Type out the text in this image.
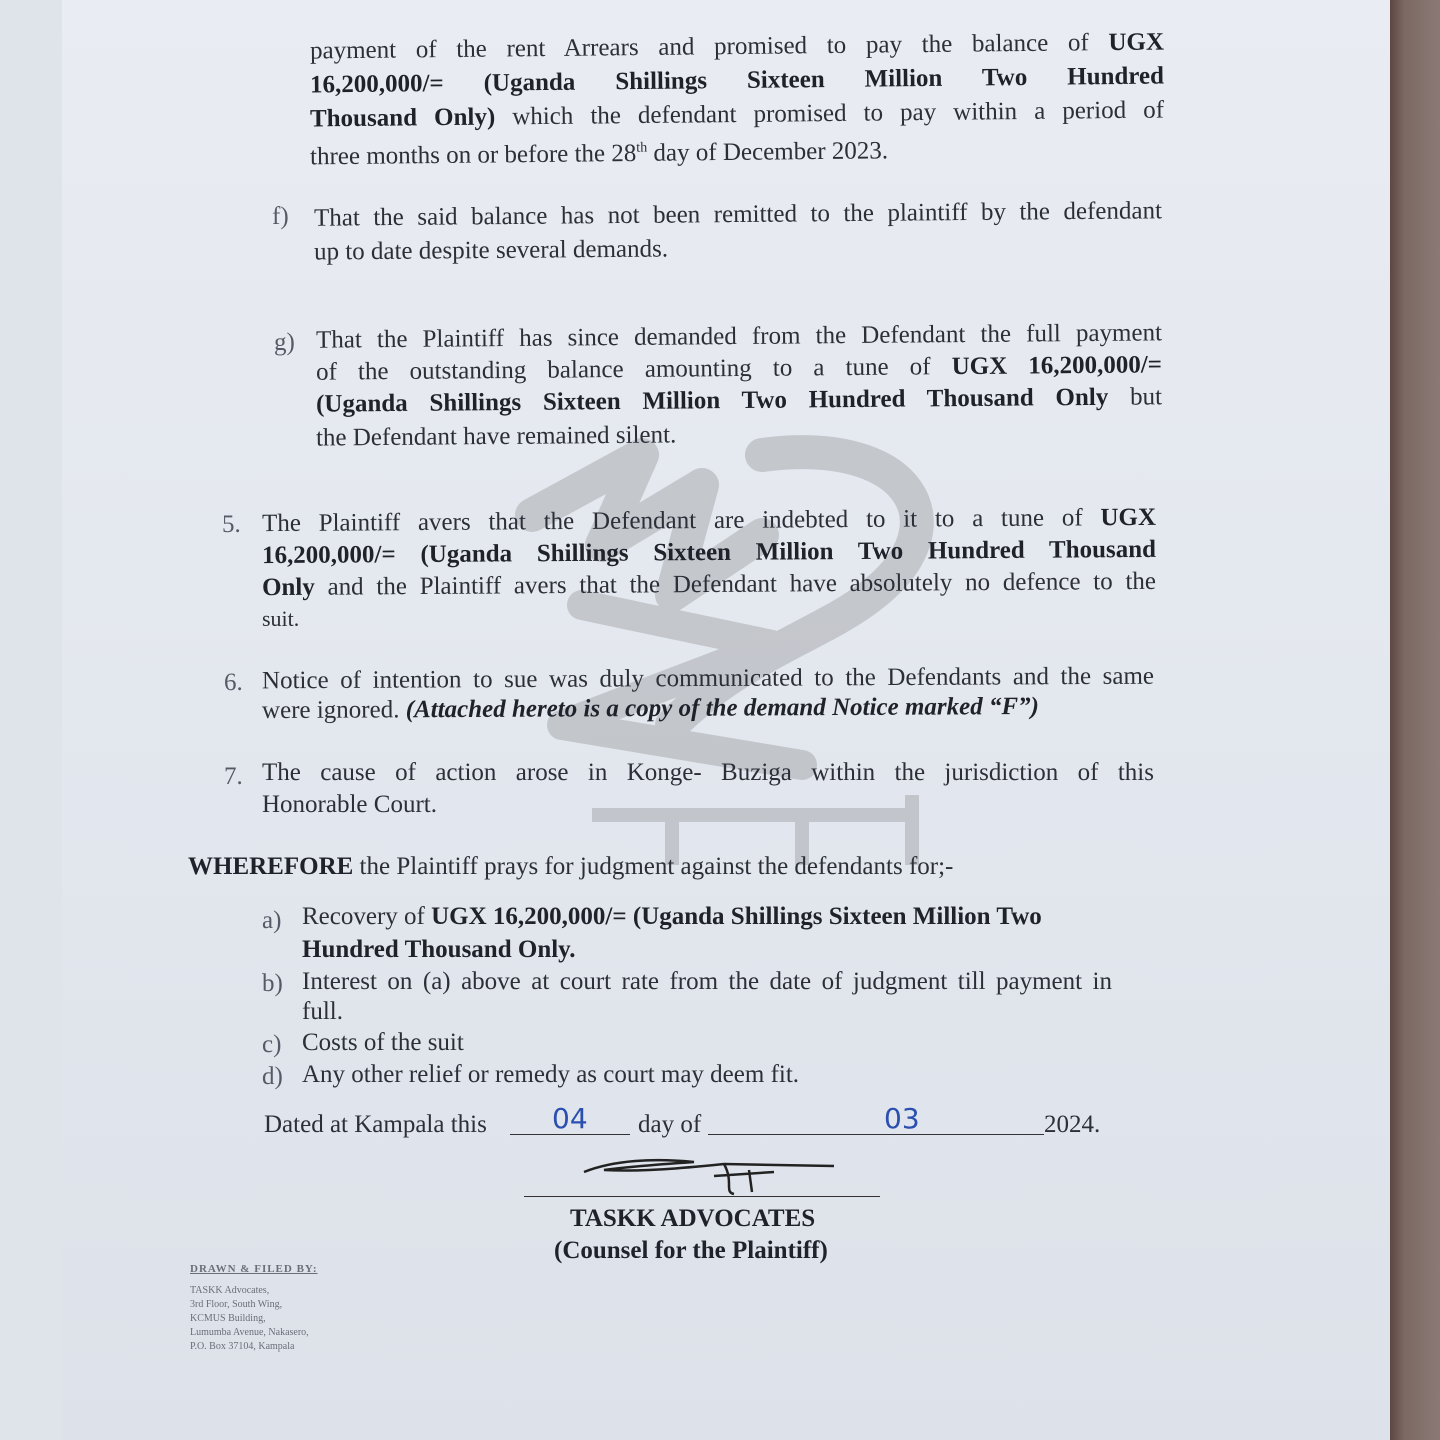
payment of the rent Arrears and promised to pay the balance of UGX
16,200,000/= (Uganda Shillings Sixteen Million Two Hundred
Thousand Only) which the defendant promised to pay within a period of
three months on or before the 28th day of December 2023.
f) That the said balance has not been remitted to the plaintiff by the defendant
up to date despite several demands.
g) That the Plaintiff has since demanded from the Defendant the full payment
of the outstanding balance amounting to a tune of UGX 16,200,000/=
(Uganda Shillings Sixteen Million Two Hundred Thousand Only but
the Defendant have remained silent.
5. The Plaintiff avers that the Defendant are indebted to it to a tune of UGX
16,200,000/= (Uganda Shillings Sixteen Million Two Hundred Thousand
Only and the Plaintiff avers that the Defendant have absolutely no defence to the
suit.
6. Notice of intention to sue was duly communicated to the Defendants and the same
were ignored. (Attached hereto is a copy of the demand Notice marked “F”)
7. The cause of action arose in Konge- Buziga within the jurisdiction of this
Honorable Court.
WHEREFORE the Plaintiff prays for judgment against the defendants for;-
a) Recovery of UGX 16,200,000/= (Uganda Shillings Sixteen Million Two
Hundred Thousand Only.
b) Interest on (a) above at court rate from the date of judgment till payment in
full.
c) Costs of the suit
d) Any other relief or remedy as court may deem fit.
Dated at Kampala this 04 day of	03	2024.
TASKK ADVOCATES
(Counsel for the Plaintiff)
DRAWN & FILED BY:
TASKK Advocates,
3rd Floor, South Wing,
KCMUS Building,
Lumumba Avenue, Nakasero,
P.O. Box 37104, Kampala
